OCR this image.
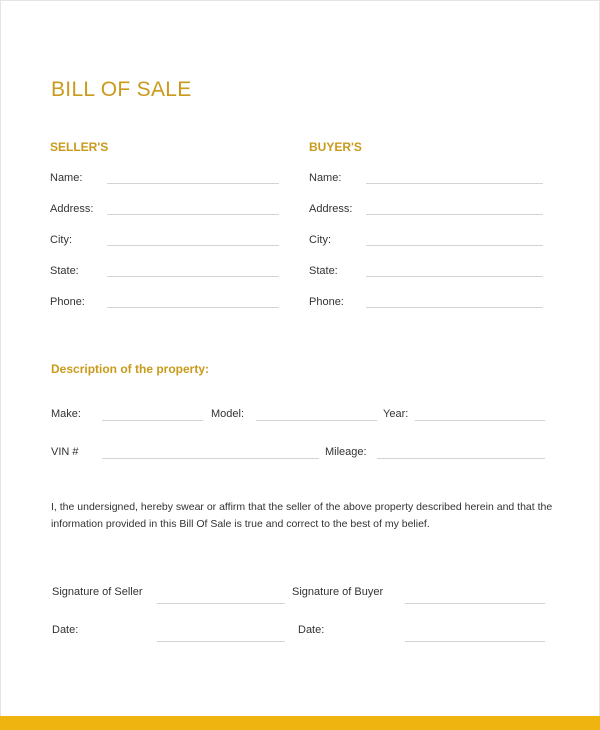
BILL OF SALE
SELLER'S
Name:
Address:
City:
State:
Phone:
BUYER'S
Name:
Address:
City:
State:
Phone:
Description of the property:
Make:	Model:	Year:
VIN #	Mileage:
I, the undersigned, hereby swear or affirm that the seller of the above property described herein and that the information provided in this Bill Of Sale is true and correct to the best of my belief.
Signature of Seller	Signature of Buyer
Date:	Date:
